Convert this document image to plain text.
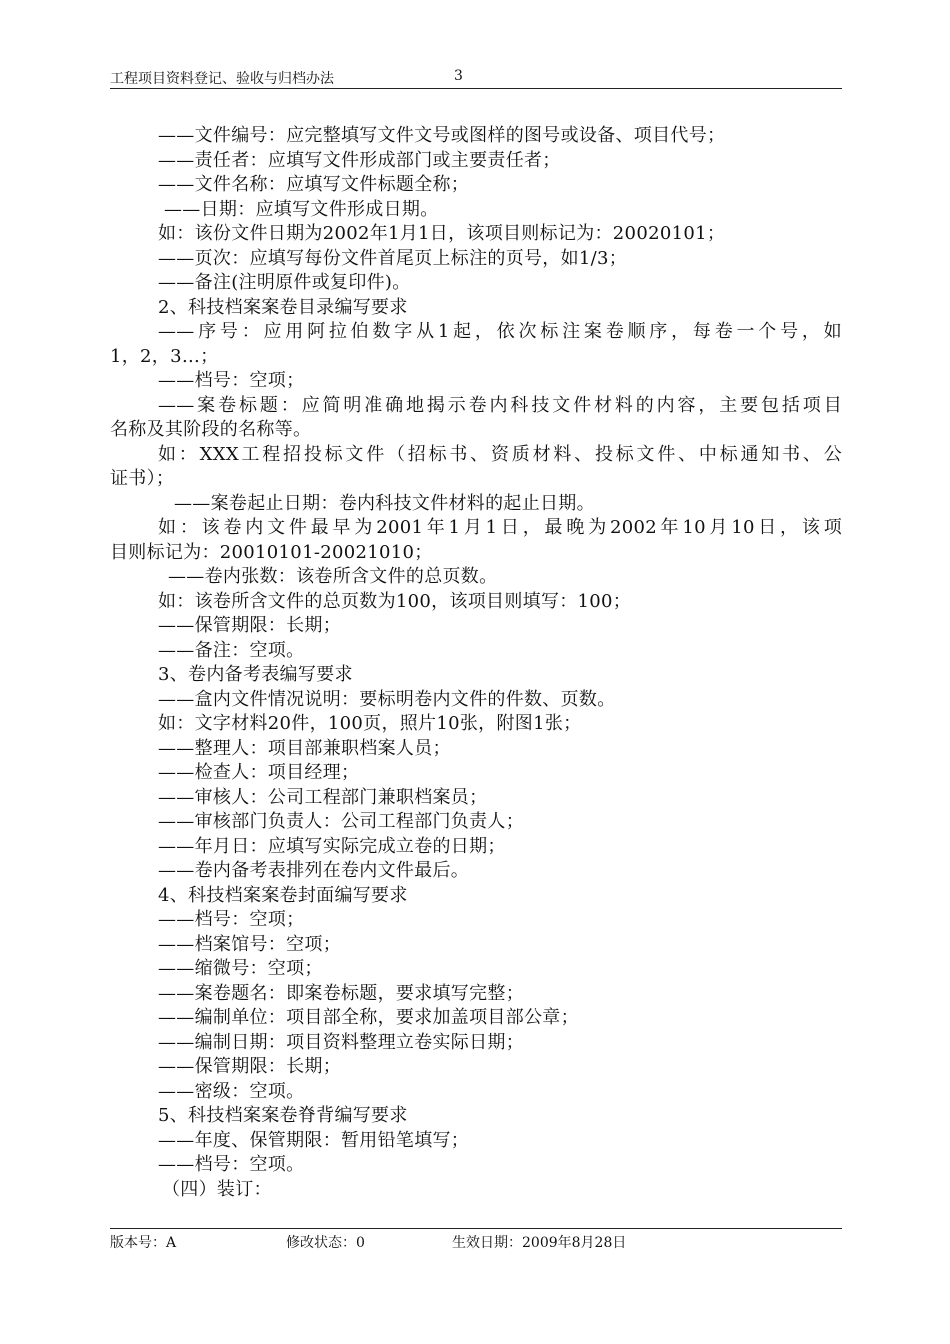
工程项目资料登记、验收与归档办法	3
——文件编号：应完整填写文件文号或图样的图号或设备、项目代号；
——责任者：应填写文件形成部门或主要责任者；
——文件名称：应填写文件标题全称；
——日期：应填写文件形成日期。
如：该份文件日期为2002年1月1日，该项目则标记为：20020101；
——页次：应填写每份文件首尾页上标注的页号，如1/3；
——备注(注明原件或复印件)。
2、科技档案案卷目录编写要求
——序号：应用阿拉伯数字从1起，依次标注案卷顺序，每卷一个号，如
1，2，3…；
——档号：空项；
——案卷标题：应简明准确地揭示卷内科技文件材料的内容，主要包括项目
名称及其阶段的名称等。
如：XXX工程招投标文件（招标书、资质材料、投标文件、中标通知书、公
证书）；
——案卷起止日期：卷内科技文件材料的起止日期。
如：该卷内文件最早为2001年1月1日，最晚为2002年10月10日，该项
目则标记为：20010101-20021010；
——卷内张数：该卷所含文件的总页数。
如：该卷所含文件的总页数为100，该项目则填写：100；
——保管期限：长期；
——备注：空项。
3、卷内备考表编写要求
——盒内文件情况说明：要标明卷内文件的件数、页数。
如：文字材料20件，100页，照片10张，附图1张；
——整理人：项目部兼职档案人员；
——检查人：项目经理；
——审核人：公司工程部门兼职档案员；
——审核部门负责人：公司工程部门负责人；
——年月日：应填写实际完成立卷的日期；
——卷内备考表排列在卷内文件最后。
4、科技档案案卷封面编写要求
——档号：空项；
——档案馆号：空项；
——缩微号：空项；
——案卷题名：即案卷标题，要求填写完整；
——编制单位：项目部全称，要求加盖项目部公章；
——编制日期：项目资料整理立卷实际日期；
——保管期限：长期；
——密级：空项。
5、科技档案案卷脊背编写要求
——年度、保管期限：暂用铅笔填写；
——档号：空项。
（四）装订：
版本号：A	修改状态：0	生效日期：2009年8月28日
